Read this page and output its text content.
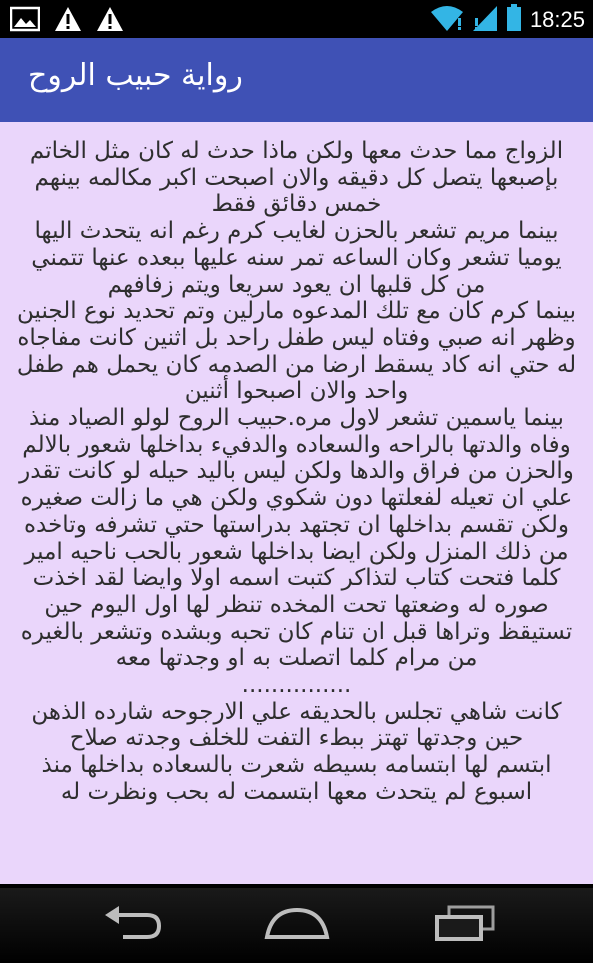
18:25
رواية حبيب الروح

الزواج مما حدث معها ولكن ماذا حدث له كان مثل الخاتم بإصبعها يتصل كل دقيقه والان اصبحت اكبر مكالمه بينهم خمس دقائق فقط

بينما مريم تشعر بالحزن لغايب كرم رغم انه يتحدث اليها يوميا تشعر وكان الساعه تمر سنه عليها ببعده عنها تتمني من كل قلبها ان يعود سريعا ويتم زفافهم

بينما كرم كان مع تلك المدعوه مارلين وتم تحديد نوع الجنين وظهر انه صبي وفتاه ليس طفل راحد بل اثنين كانت مفاجاه له حتي انه كاد يسقط ارضا من الصدمه كان يحمل هم طفل واحد والان اصبحوا أثنين

بينما ياسمين تشعر لاول مره.حبيب الروح لولو الصياد منذ وفاه والدتها بالراحه والسعاده والدفيء بداخلها شعور بالالم والحزن من فراق والدها ولكن ليس باليد حيله لو كانت تقدر علي ان تعيله لفعلتها دون شكوي ولكن هي ما زالت صغيره ولكن تقسم بداخلها ان تجتهد بدراستها حتي تشرفه وتاخده من ذلك المنزل ولكن ايضا بداخلها شعور بالحب ناحيه امير كلما فتحت كتاب لتذاكر كتبت اسمه اولا وايضا لقد اخذت صوره له وضعتها تحت المخده تنظر لها اول اليوم حين تستيقظ وتراها قبل ان تنام كان تحبه وبشده وتشعر بالغيره من مرام كلما اتصلت به او وجدتها معه

...............

كانت شاهي تجلس بالحديقه علي الارجوحه شارده الذهن حين وجدتها تهتز ببطء التفت للخلف وجدته صلاح

ابتسم لها ابتسامه بسيطه شعرت بالسعاده بداخلها منذ اسبوع لم يتحدث معها ابتسمت له بحب ونظرت له
